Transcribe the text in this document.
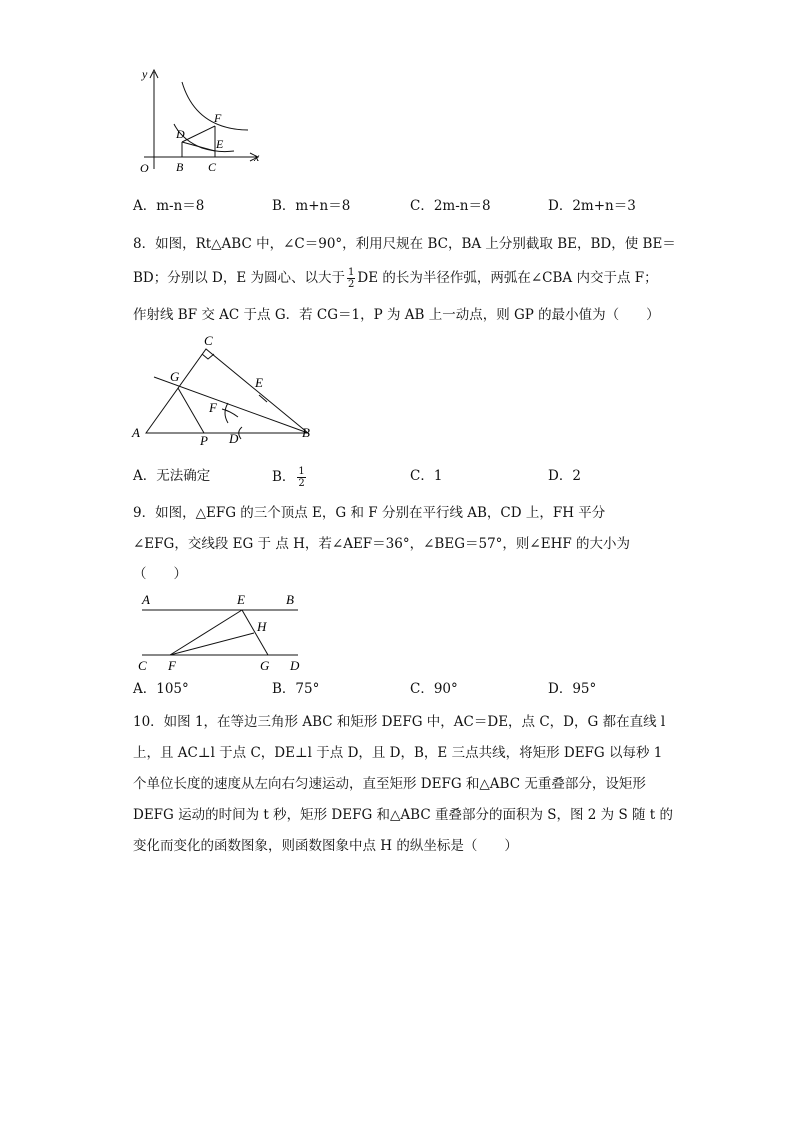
y
x
O
D
F
E
B C
A．m-n＝8	B．m+n＝8	C．2m-n＝8	D．2m+n＝3
8．如图，Rt△ABC 中，∠C＝90°，利用尺规在 BC，BA 上分别截取 BE，BD，使 BE＝
BD；分别以 D，E 为圆心、以大于 $\frac{1}{2}$ DE 的长为半径作弧，两弧在∠CBA 内交于点 F；
作射线 BF 交 AC 于点 G．若 CG＝1，P 为 AB 上一动点，则 GP 的最小值为（　　）
C
G	E
F
A
P D	B
A．无法确定	B． $\frac{1}{2}$	C．1	D．2
9．如图，△EFG 的三个顶点 E，G 和 F 分别在平行线 AB，CD 上，FH 平分
∠EFG，交线段 EG 于 点 H，若∠AEF＝36°，∠BEG＝57°，则∠EHF 的大小为
（　　）
A	E	B
H
C F	G D
A．105°	B．75°	C．90°	D．95°
10．如图 1，在等边三角形 ABC 和矩形 DEFG 中，AC＝DE，点 C，D，G 都在直线 l
上，且 AC⊥l 于点 C，DE⊥l 于点 D，且 D，B，E 三点共线，将矩形 DEFG 以每秒 1
个单位长度的速度从左向右匀速运动，直至矩形 DEFG 和△ABC 无重叠部分，设矩形
DEFG 运动的时间为 t 秒，矩形 DEFG 和△ABC 重叠部分的面积为 S，图 2 为 S 随 t 的
变化而变化的函数图象，则函数图象中点 H 的纵坐标是（　　）
